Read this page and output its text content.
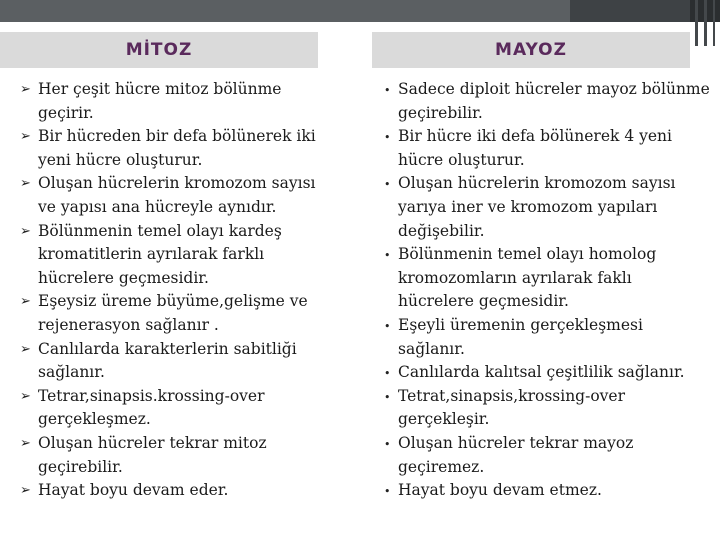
MİTOZ	MAYOZ
➢ Her çeşit hücre mitoz bölünme geçirir.
➢ Bir hücreden bir defa bölünerek iki yeni hücre oluşturur.
➢ Oluşan hücrelerin kromozom sayısı ve yapısı ana hücreyle aynıdır.
➢ Bölünmenin temel olayı kardeş kromatitlerin ayrılarak farklı hücrelere geçmesidir.
➢ Eşeysiz üreme büyüme,gelişme ve rejenerasyon sağlanır .
➢ Canlılarda karakterlerin sabitliği sağlanır.
➢ Tetrar,sinapsis.krossing-over gerçekleşmez.
➢ Oluşan hücreler tekrar mitoz geçirebilir.
➢ Hayat boyu devam eder.
• Sadece diploit hücreler mayoz bölünme geçirebilir.
• Bir hücre iki defa bölünerek 4 yeni hücre oluşturur.
• Oluşan hücrelerin kromozom sayısı yarıya iner ve kromozom yapıları değişebilir.
• Bölünmenin temel olayı homolog kromozomların ayrılarak faklı hücrelere geçmesidir.
• Eşeyli üremenin gerçekleşmesi sağlanır.
• Canlılarda kalıtsal çeşitlilik sağlanır.
• Tetrat,sinapsis,krossing-over gerçekleşir.
• Oluşan hücreler tekrar mayoz geçiremez.
• Hayat boyu devam etmez.
